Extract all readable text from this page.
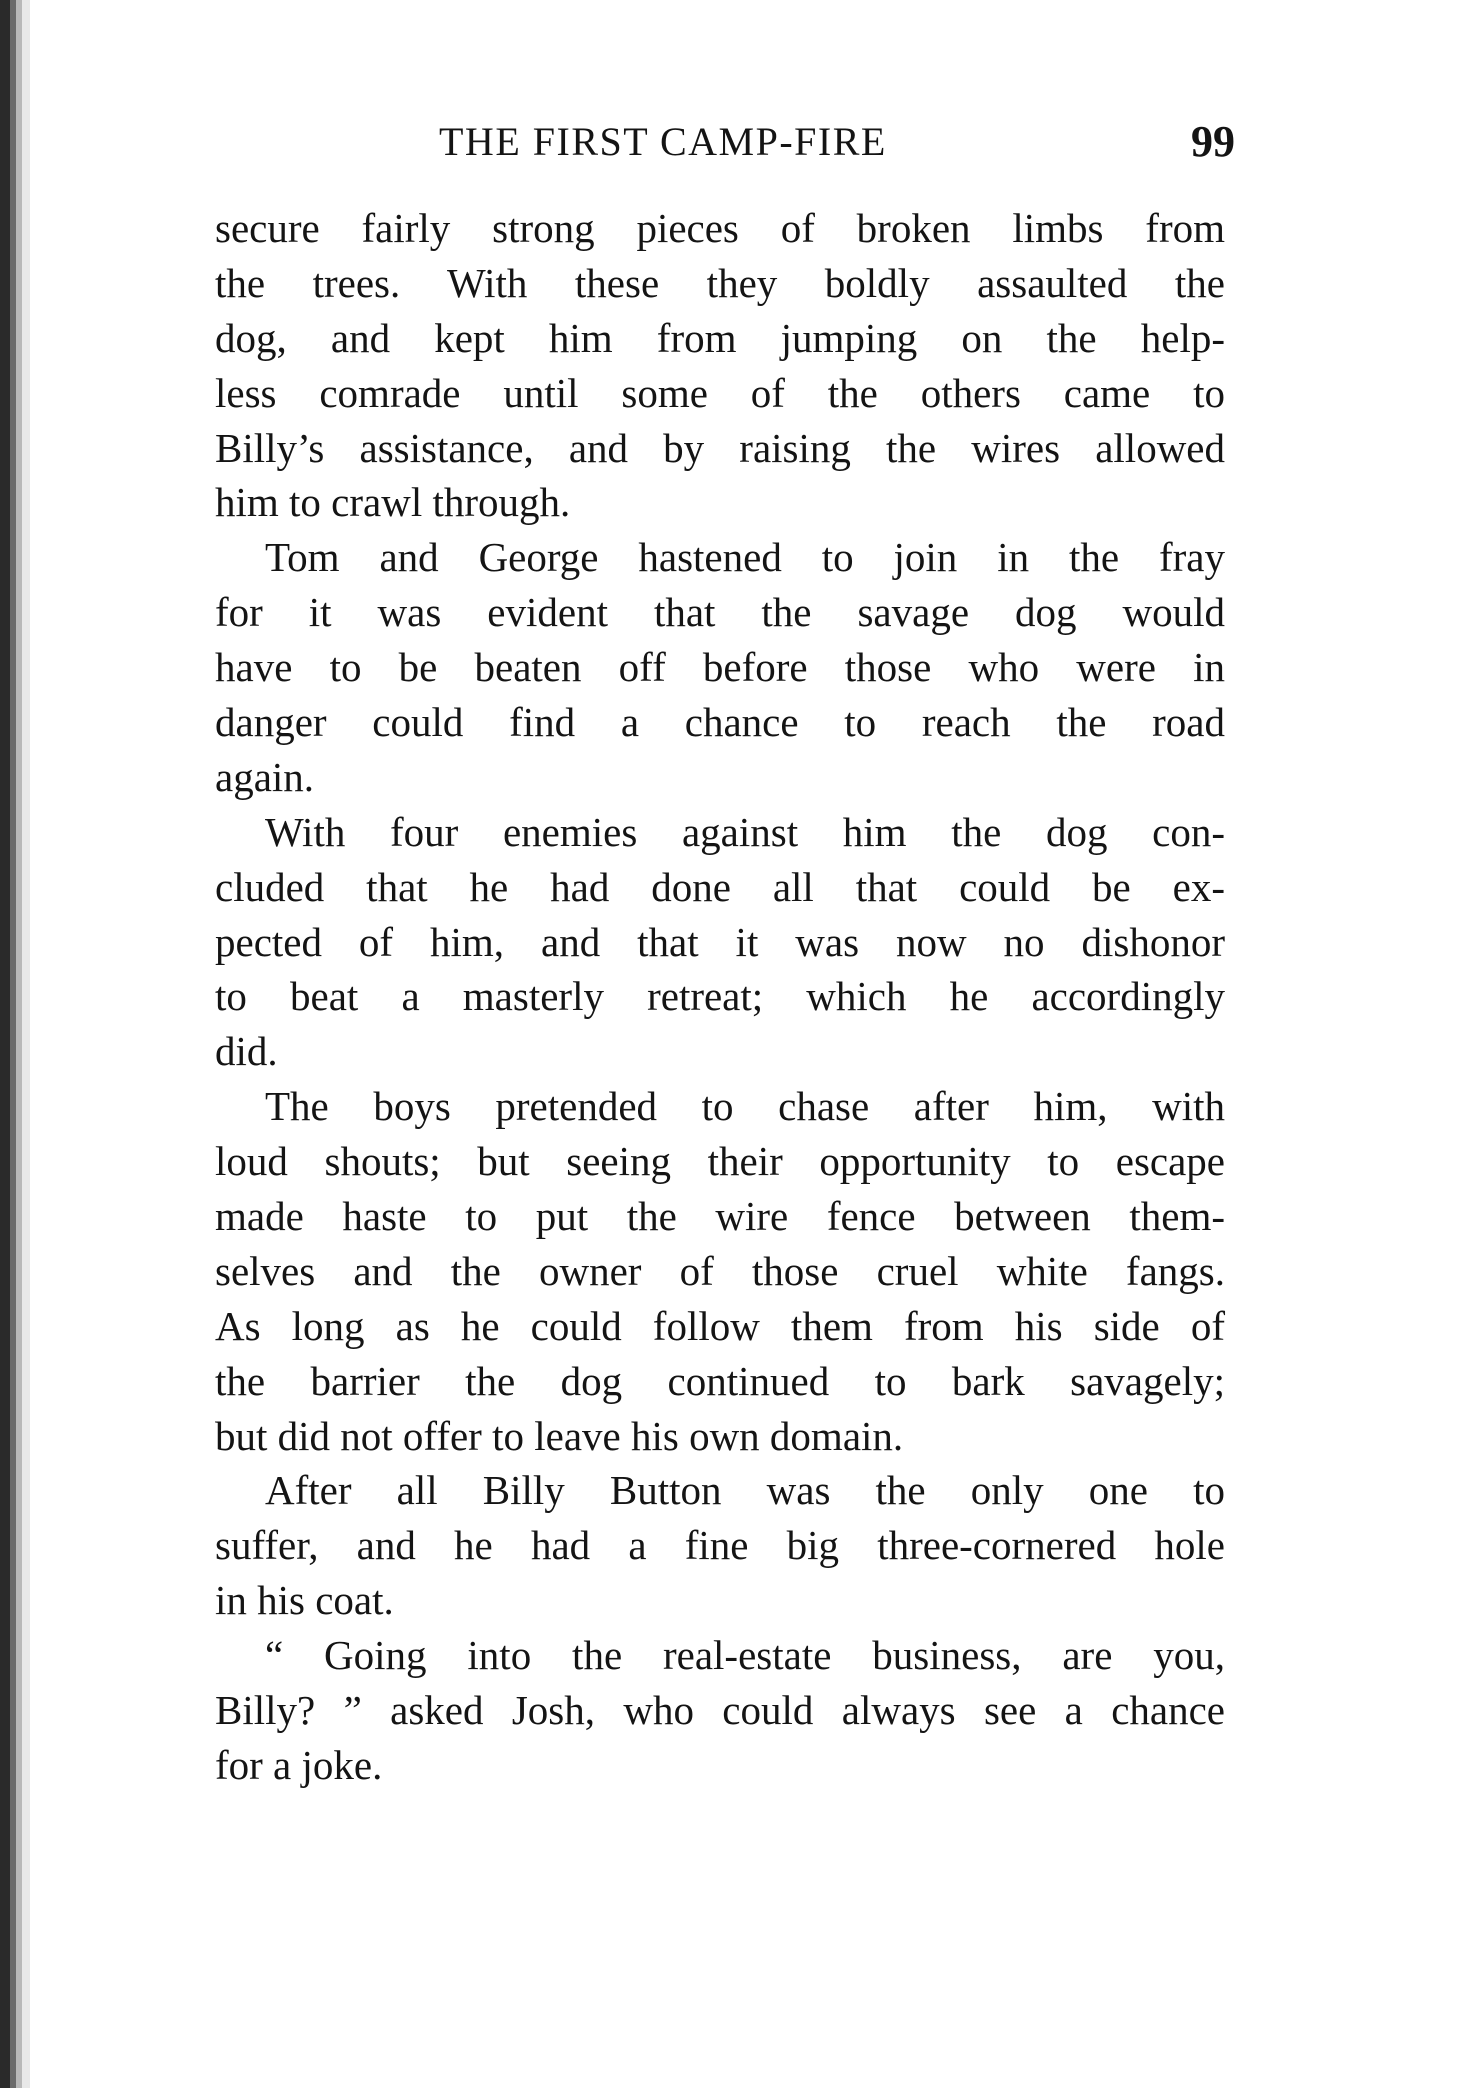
THE FIRST CAMP-FIRE	99
secure fairly strong pieces of broken limbs from
the trees. With these they boldly assaulted the
dog, and kept him from jumping on the help-
less comrade until some of the others came to
Billy’s assistance, and by raising the wires allowed
him to crawl through.
Tom and George hastened to join in the fray
for it was evident that the savage dog would
have to be beaten off before those who were in
danger could find a chance to reach the road
again.
With four enemies against him the dog con-
cluded that he had done all that could be ex-
pected of him, and that it was now no dishonor
to beat a masterly retreat; which he accordingly
did.
The boys pretended to chase after him, with
loud shouts; but seeing their opportunity to escape
made haste to put the wire fence between them-
selves and the owner of those cruel white fangs.
As long as he could follow them from his side of
the barrier the dog continued to bark savagely;
but did not offer to leave his own domain.
After all Billy Button was the only one to
suffer, and he had a fine big three-cornered hole
in his coat.
“ Going into the real-estate business, are you,
Billy? ” asked Josh, who could always see a chance
for a joke.
